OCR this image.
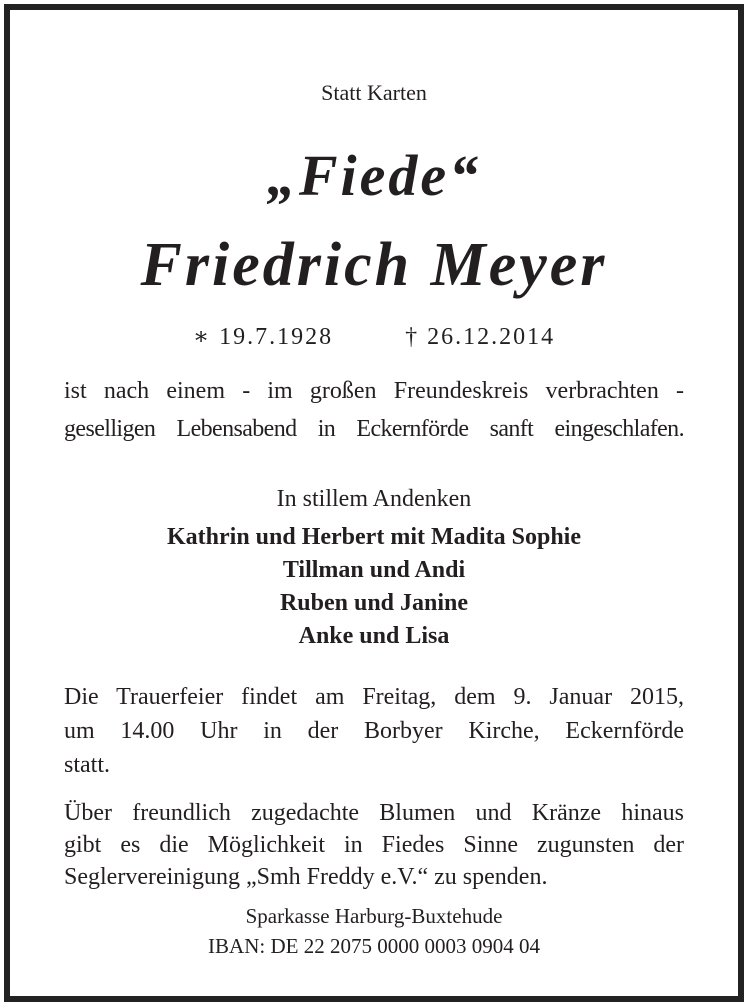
Statt Karten
„Fiede“
Friedrich Meyer
∗ 19.7.1928	† 26.12.2014
ist nach einem - im großen Freundeskreis verbrachten -
geselligen Lebensabend in Eckernförde sanft eingeschlafen.
In stillem Andenken
Kathrin und Herbert mit Madita Sophie
Tillman und Andi
Ruben und Janine
Anke und Lisa
Die Trauerfeier findet am Freitag, dem 9. Januar 2015,
um 14.00 Uhr in der Borbyer Kirche, Eckernförde
statt.
Über freundlich zugedachte Blumen und Kränze hinaus
gibt es die Möglichkeit in Fiedes Sinne zugunsten der
Seglervereinigung „Smh Freddy e.V.“ zu spenden.
Sparkasse Harburg-Buxtehude
IBAN: DE 22 2075 0000 0003 0904 04
